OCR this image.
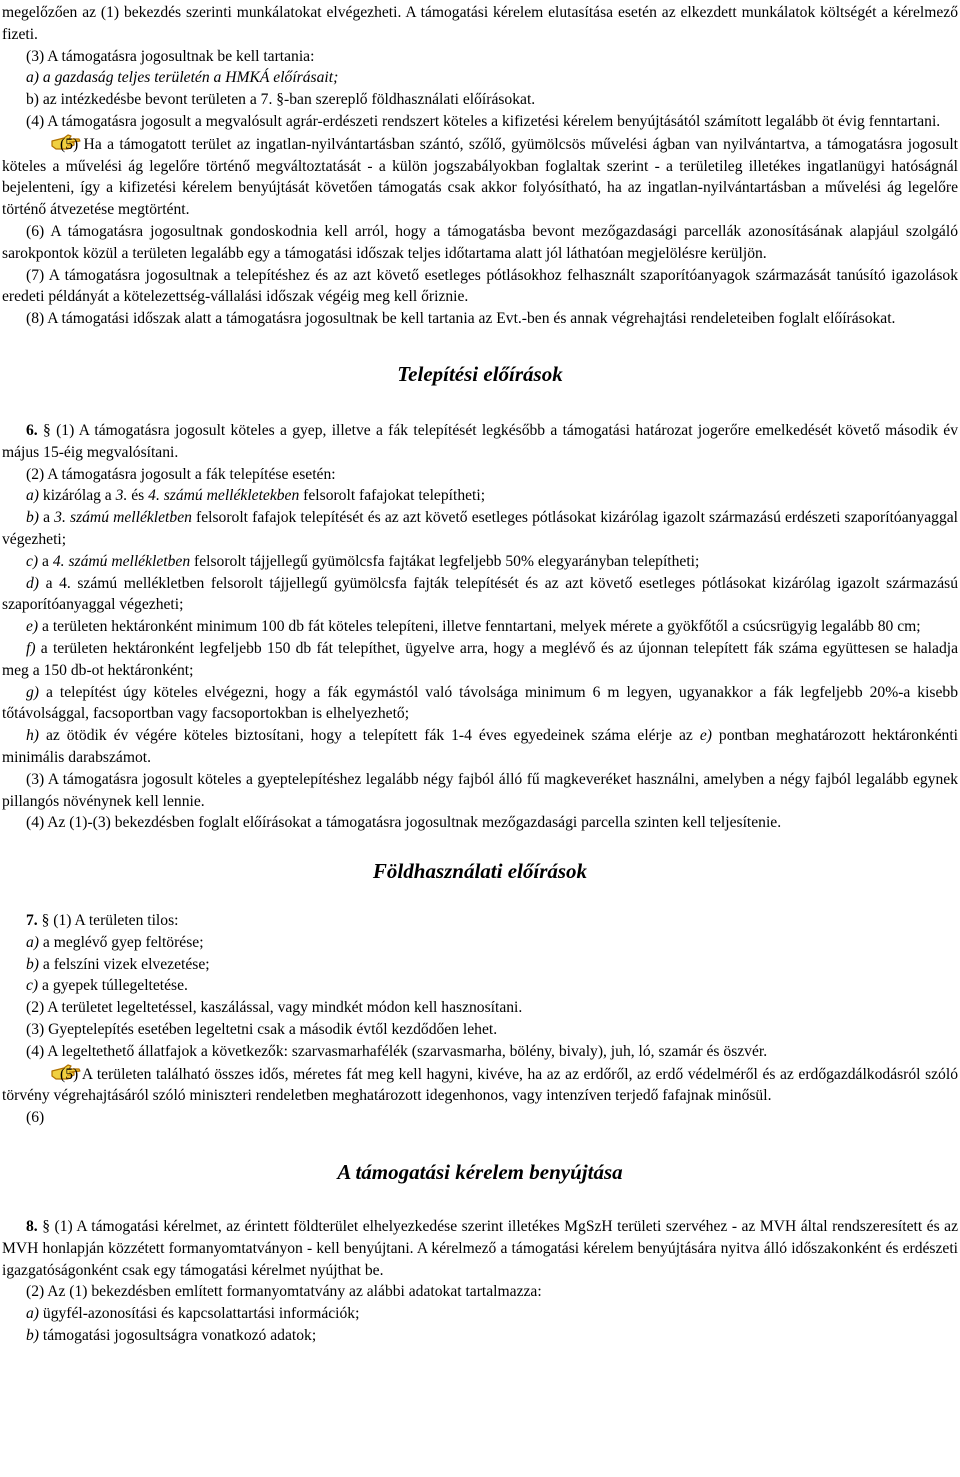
megelőzően az (1) bekezdés szerinti munkálatokat elvégezheti. A támogatási kérelem elutasítása esetén az elkezdett munkálatok költségét a kérelmező fizeti.

(3) A támogatásra jogosultnak be kell tartania:

a) a gazdaság teljes területén a HMKÁ előírásait;

b) az intézkedésbe bevont területen a 7. §-ban szereplő földhasználati előírásokat.

(4) A támogatásra jogosult a megvalósult agrár-erdészeti rendszert köteles a kifizetési kérelem benyújtásától számított legalább öt évig fenntartani.

(5) Ha a támogatott terület az ingatlan-nyilvántartásban szántó, szőlő, gyümölcsös művelési ágban van nyilvántartva, a támogatásra jogosult köteles a művelési ág legelőre történő megváltoztatását - a külön jogszabályokban foglaltak szerint - a területileg illetékes ingatlanügyi hatóságnál bejelenteni, így a kifizetési kérelem benyújtását követően támogatás csak akkor folyósítható, ha az ingatlan-nyilvántartásban a művelési ág legelőre történő átvezetése megtörtént.

(6) A támogatásra jogosultnak gondoskodnia kell arról, hogy a támogatásba bevont mezőgazdasági parcellák azonosításának alapjául szolgáló sarokpontok közül a területen legalább egy a támogatási időszak teljes időtartama alatt jól láthatóan megjelölésre kerüljön.

(7) A támogatásra jogosultnak a telepítéshez és az azt követő esetleges pótlásokhoz felhasznált szaporítóanyagok származását tanúsító igazolások eredeti példányát a kötelezettség-vállalási időszak végéig meg kell őriznie.

(8) A támogatási időszak alatt a támogatásra jogosultnak be kell tartania az Evt.-ben és annak végrehajtási rendeleteiben foglalt előírásokat.

Telepítési előírások

6. § (1) A támogatásra jogosult köteles a gyep, illetve a fák telepítését legkésőbb a támogatási határozat jogerőre emelkedését követő második év május 15-éig megvalósítani.

(2) A támogatásra jogosult a fák telepítése esetén:

a) kizárólag a 3. és 4. számú mellékletekben felsorolt fafajokat telepítheti;

b) a 3. számú mellékletben felsorolt fafajok telepítését és az azt követő esetleges pótlásokat kizárólag igazolt származású erdészeti szaporítóanyaggal végezheti;

c) a 4. számú mellékletben felsorolt tájjellegű gyümölcsfa fajtákat legfeljebb 50% elegyarányban telepítheti;

d) a 4. számú mellékletben felsorolt tájjellegű gyümölcsfa fajták telepítését és az azt követő esetleges pótlásokat kizárólag igazolt származású szaporítóanyaggal végezheti;

e) a területen hektáronként minimum 100 db fát köteles telepíteni, illetve fenntartani, melyek mérete a gyökfőtől a csúcsrügyig legalább 80 cm;

f) a területen hektáronként legfeljebb 150 db fát telepíthet, ügyelve arra, hogy a meglévő és az újonnan telepített fák száma együttesen se haladja meg a 150 db-ot hektáronként;

g) a telepítést úgy köteles elvégezni, hogy a fák egymástól való távolsága minimum 6 m legyen, ugyanakkor a fák legfeljebb 20%-a kisebb tőtávolsággal, facsoportban vagy facsoportokban is elhelyezhető;

h) az ötödik év végére köteles biztosítani, hogy a telepített fák 1-4 éves egyedeinek száma elérje az e) pontban meghatározott hektáronkénti minimális darabszámot.

(3) A támogatásra jogosult köteles a gyeptelepítéshez legalább négy fajból álló fű magkeveréket használni, amelyben a négy fajból legalább egynek pillangós növénynek kell lennie.

(4) Az (1)-(3) bekezdésben foglalt előírásokat a támogatásra jogosultnak mezőgazdasági parcella szinten kell teljesítenie.

Földhasználati előírások

7. § (1) A területen tilos:

a) a meglévő gyep feltörése;

b) a felszíni vizek elvezetése;

c) a gyepek túllegeltetése.

(2) A területet legeltetéssel, kaszálással, vagy mindkét módon kell hasznosítani.

(3) Gyeptelepítés esetében legeltetni csak a második évtől kezdődően lehet.

(4) A legeltethető állatfajok a következők: szarvasmarhafélék (szarvasmarha, bölény, bivaly), juh, ló, szamár és öszvér.

(5) A területen található összes idős, méretes fát meg kell hagyni, kivéve, ha az az erdőről, az erdő védelméről és az erdőgazdálkodásról szóló törvény végrehajtásáról szóló miniszteri rendeletben meghatározott idegenhonos, vagy intenzíven terjedő fafajnak minősül.

(6)

A támogatási kérelem benyújtása

8. § (1) A támogatási kérelmet, az érintett földterület elhelyezkedése szerint illetékes MgSzH területi szervéhez - az MVH által rendszeresített és az MVH honlapján közzétett formanyomtatványon - kell benyújtani. A kérelmező a támogatási kérelem benyújtására nyitva álló időszakonként és erdészeti igazgatóságonként csak egy támogatási kérelmet nyújthat be.

(2) Az (1) bekezdésben említett formanyomtatvány az alábbi adatokat tartalmazza:

a) ügyfél-azonosítási és kapcsolattartási információk;

b) támogatási jogosultságra vonatkozó adatok;
